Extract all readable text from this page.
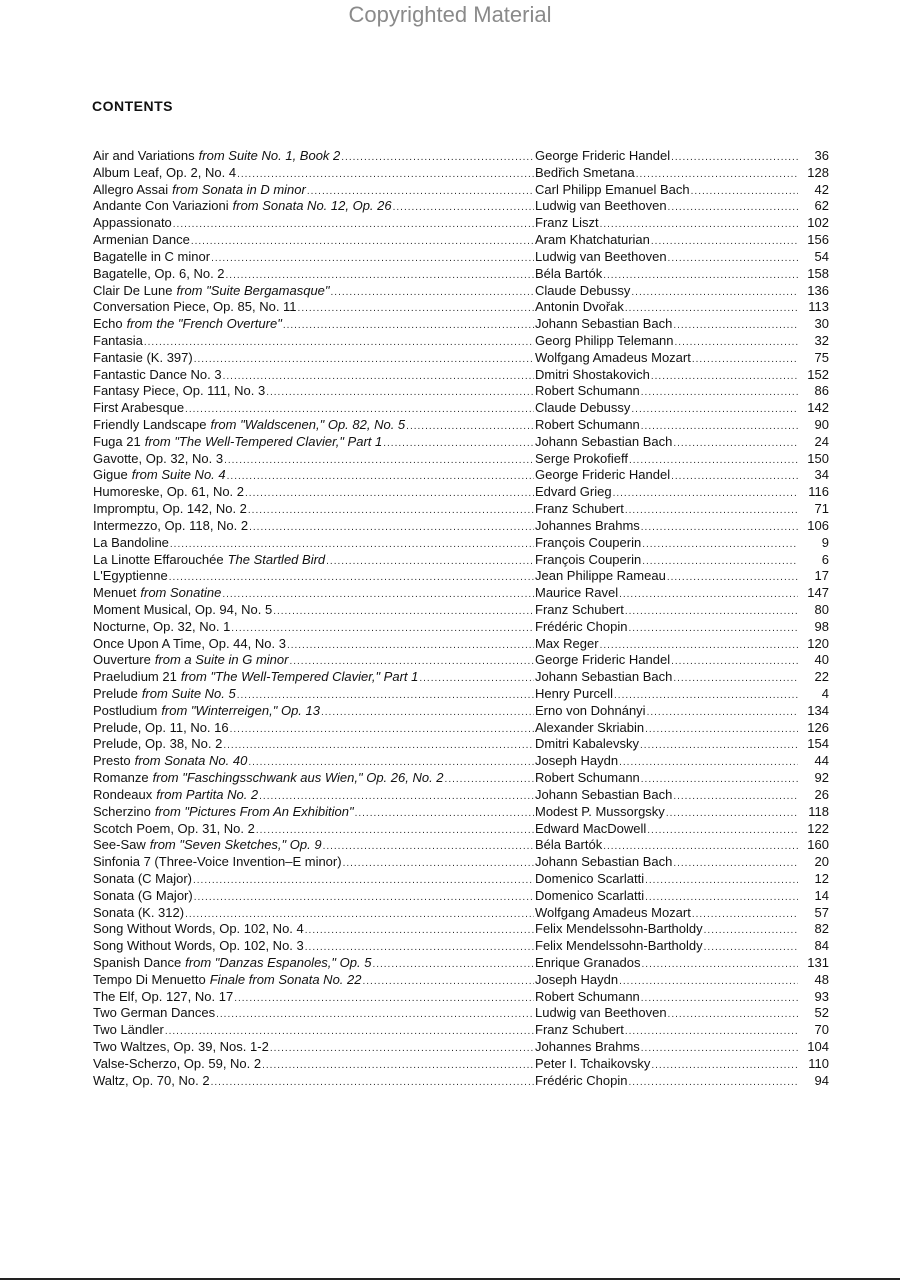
Copyrighted Material
CONTENTS
Air and Variations from Suite No. 1, Book 2 .....	George Frideric Handel .....	36
Album Leaf, Op. 2, No. 4 .....	Bedřich Smetana .....	128
Allegro Assai from Sonata in D minor .....	Carl Philipp Emanuel Bach .....	42
Andante Con Variazioni from Sonata No. 12, Op. 26 .....	Ludwig van Beethoven .....	62
Appassionato .....	Franz Liszt .....	102
Armenian Dance .....	Aram Khatchaturian .....	156
Bagatelle in C minor .....	Ludwig van Beethoven .....	54
Bagatelle, Op. 6, No. 2 .....	Béla Bartók .....	158
Clair De Lune from "Suite Bergamasque" .....	Claude Debussy .....	136
Conversation Piece, Op. 85, No. 11 .....	Antonin Dvořak .....	113
Echo from the "French Overture" .....	Johann Sebastian Bach .....	30
Fantasia .....	Georg Philipp Telemann .....	32
Fantasie (K. 397) .....	Wolfgang Amadeus Mozart .....	75
Fantastic Dance No. 3 .....	Dmitri Shostakovich .....	152
Fantasy Piece, Op. 111, No. 3 .....	Robert Schumann .....	86
First Arabesque .....	Claude Debussy .....	142
Friendly Landscape from "Waldscenen," Op. 82, No. 5 .....	Robert Schumann .....	90
Fuga 21 from "The Well-Tempered Clavier," Part 1 .....	Johann Sebastian Bach .....	24
Gavotte, Op. 32, No. 3 .....	Serge Prokofieff .....	150
Gigue from Suite No. 4 .....	George Frideric Handel .....	34
Humoreske, Op. 61, No. 2 .....	Edvard Grieg .....	116
Impromptu, Op. 142, No. 2 .....	Franz Schubert .....	71
Intermezzo, Op. 118, No. 2 .....	Johannes Brahms .....	106
La Bandoline .....	François Couperin .....	9
La Linotte Effarouchée The Startled Bird .....	François Couperin .....	6
L'Egyptienne .....	Jean Philippe Rameau .....	17
Menuet from Sonatine .....	Maurice Ravel .....	147
Moment Musical, Op. 94, No. 5 .....	Franz Schubert .....	80
Nocturne, Op. 32, No. 1 .....	Frédéric Chopin .....	98
Once Upon A Time, Op. 44, No. 3 .....	Max Reger .....	120
Ouverture from a Suite in G minor .....	George Frideric Handel .....	40
Praeludium 21 from "The Well-Tempered Clavier," Part 1 .....	Johann Sebastian Bach .....	22
Prelude from Suite No. 5 .....	Henry Purcell .....	4
Postludium from "Winterreigen," Op. 13 .....	Erno von Dohnányi .....	134
Prelude, Op. 11, No. 16 .....	Alexander Skriabin .....	126
Prelude, Op. 38, No. 2 .....	Dmitri Kabalevsky .....	154
Presto from Sonata No. 40 .....	Joseph Haydn .....	44
Romanze from "Faschingsschwank aus Wien," Op. 26, No. 2 .....	Robert Schumann .....	92
Rondeaux from Partita No. 2 .....	Johann Sebastian Bach .....	26
Scherzino from "Pictures From An Exhibition" .....	Modest P. Mussorgsky .....	118
Scotch Poem, Op. 31, No. 2 .....	Edward MacDowell .....	122
See-Saw from "Seven Sketches," Op. 9 .....	Béla Bartók .....	160
Sinfonia 7 (Three-Voice Invention–E minor) .....	Johann Sebastian Bach .....	20
Sonata (C Major) .....	Domenico Scarlatti .....	12
Sonata (G Major) .....	Domenico Scarlatti .....	14
Sonata (K. 312) .....	Wolfgang Amadeus Mozart .....	57
Song Without Words, Op. 102, No. 4 .....	Felix Mendelssohn-Bartholdy .....	82
Song Without Words, Op. 102, No. 3 .....	Felix Mendelssohn-Bartholdy .....	84
Spanish Dance from "Danzas Espanoles," Op. 5 .....	Enrique Granados .....	131
Tempo Di Menuetto Finale from Sonata No. 22 .....	Joseph Haydn .....	48
The Elf, Op. 127, No. 17 .....	Robert Schumann .....	93
Two German Dances .....	Ludwig van Beethoven .....	52
Two Ländler .....	Franz Schubert .....	70
Two Waltzes, Op. 39, Nos. 1-2 .....	Johannes Brahms .....	104
Valse-Scherzo, Op. 59, No. 2 .....	Peter I. Tchaikovsky .....	110
Waltz, Op. 70, No. 2 .....	Frédéric Chopin .....	94
